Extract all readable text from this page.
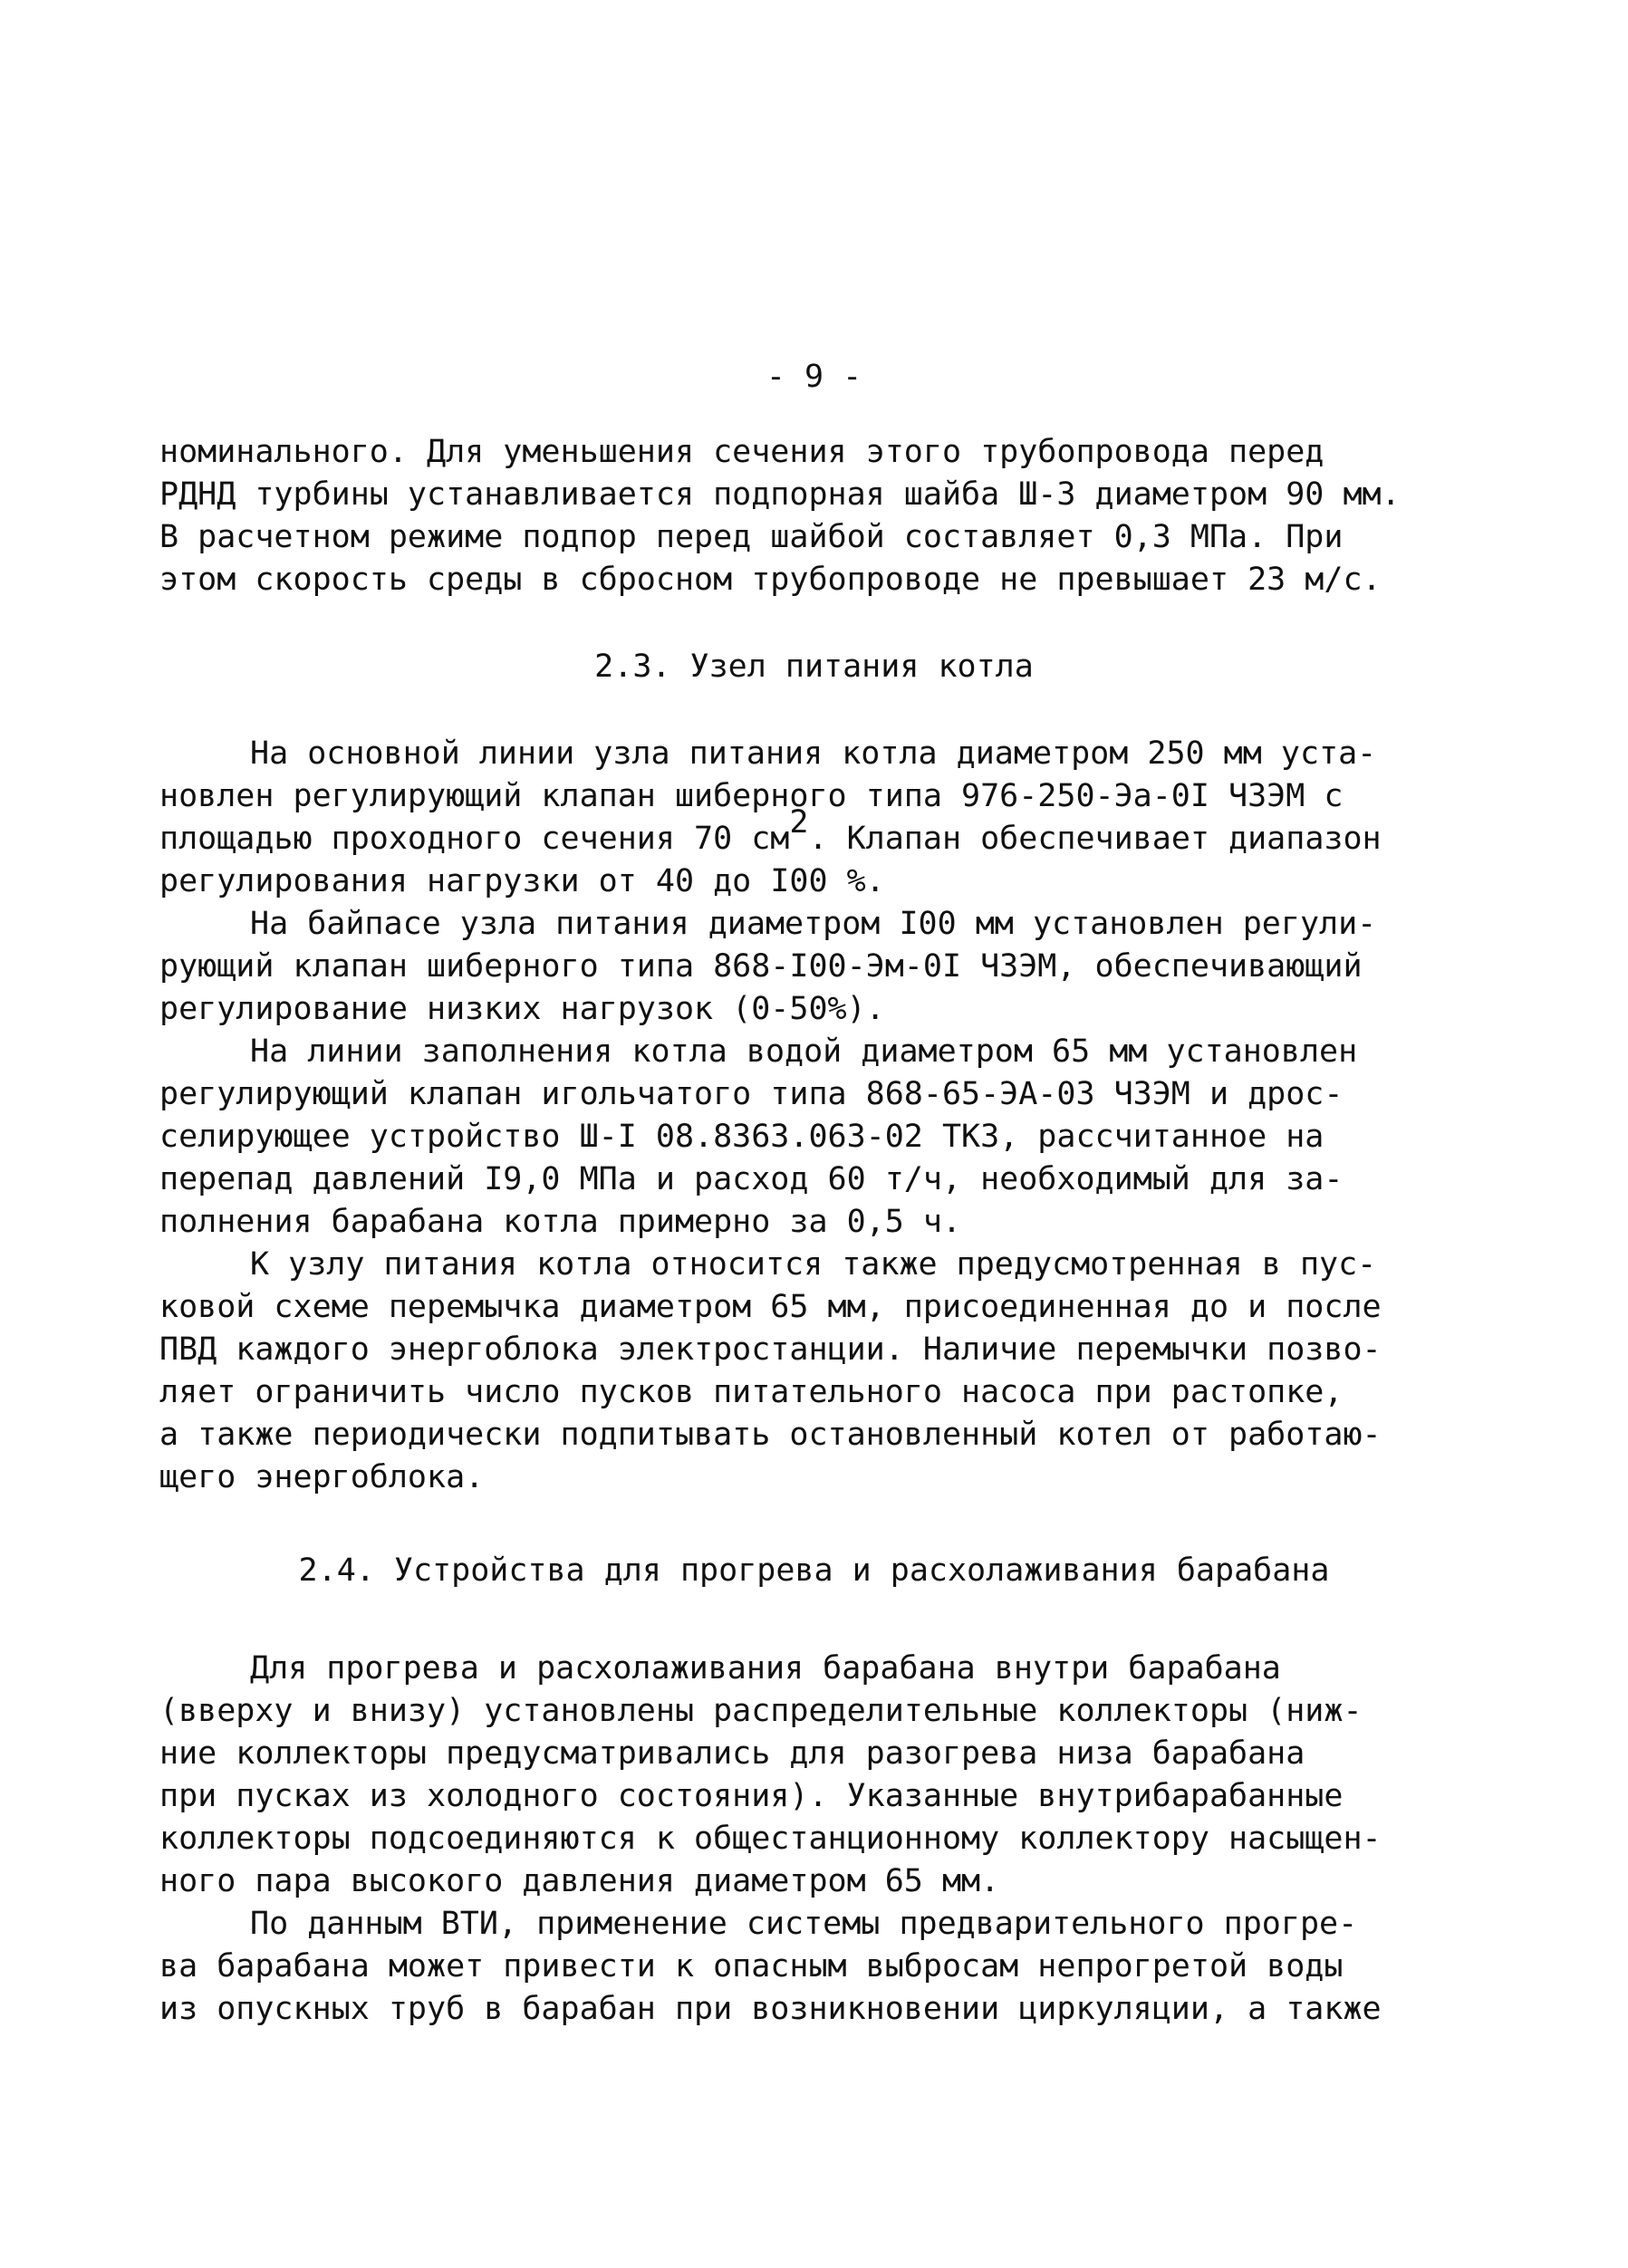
- 9 -
номинального. Для уменьшения сечения этого трубопровода перед
РДНД турбины устанавливается подпорная шайба Ш-3 диаметром 90 мм.
В расчетном режиме подпор перед шайбой составляет 0,3 МПа. При
этом скорость среды в сбросном трубопроводе не превышает 23 м/с.
2.3. Узел питания котла
На основной линии узла питания котла диаметром 250 мм уста-
новлен регулирующий клапан шиберного типа 976-250-Эа-0I ЧЗЭМ с
площадью проходного сечения 70 см2. Клапан обеспечивает диапазон
регулирования нагрузки от 40 до I00 %.
На байпасе узла питания диаметром I00 мм установлен регули-
рующий клапан шиберного типа 868-I00-Эм-0I ЧЗЭМ, обеспечивающий
регулирование низких нагрузок (0-50%).
На линии заполнения котла водой диаметром 65 мм установлен
регулирующий клапан игольчатого типа 868-65-ЭА-03 ЧЗЭМ и дрос-
селирующее устройство Ш-I 08.8363.063-02 ТКЗ, рассчитанное на
перепад давлений I9,0 МПа и расход 60 т/ч, необходимый для за-
полнения барабана котла примерно за 0,5 ч.
К узлу питания котла относится также предусмотренная в пус-
ковой схеме перемычка диаметром 65 мм, присоединенная до и после
ПВД каждого энергоблока электростанции. Наличие перемычки позво-
ляет ограничить число пусков питательного насоса при растопке,
а также периодически подпитывать остановленный котел от работаю-
щего энергоблока.
2.4. Устройства для прогрева и расхолаживания барабана
Для прогрева и расхолаживания барабана внутри барабана
(вверху и внизу) установлены распределительные коллекторы (ниж-
ние коллекторы предусматривались для разогрева низа барабана
при пусках из холодного состояния). Указанные внутрибарабанные
коллекторы подсоединяются к общестанционному коллектору насыщен-
ного пара высокого давления диаметром 65 мм.
По данным ВТИ, применение системы предварительного прогре-
ва барабана может привести к опасным выбросам непрогретой воды
из опускных труб в барабан при возникновении циркуляции, а также
